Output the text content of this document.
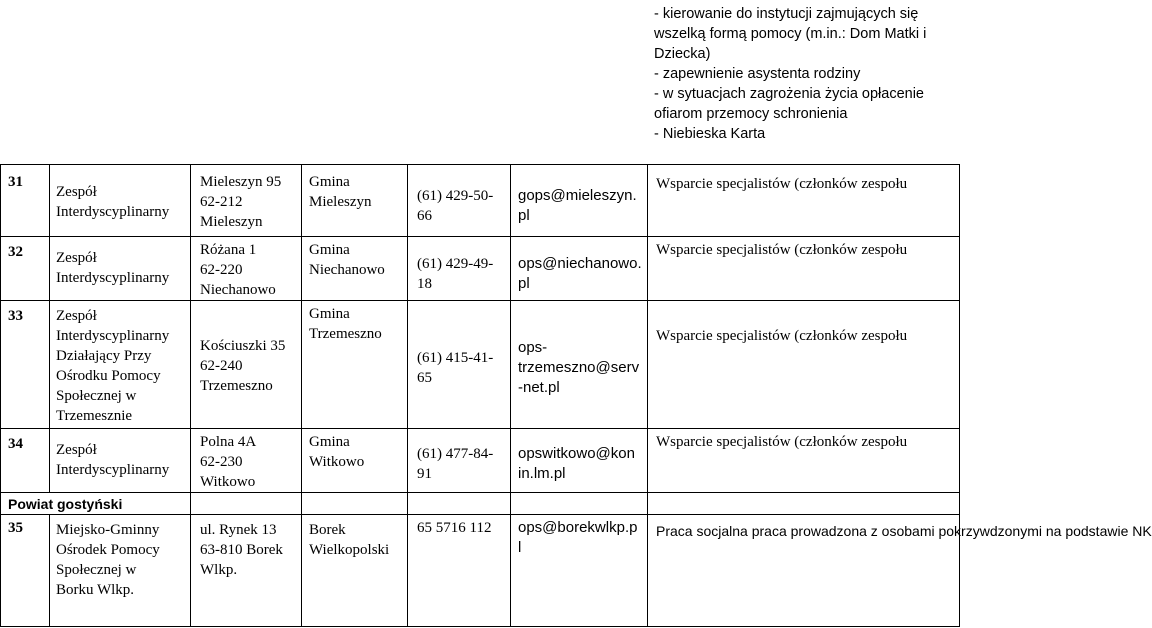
- kierowanie do instytucji zajmujących się
wszelką formą pomocy (m.in.: Dom Matki i
Dziecka)
- zapewnienie asystenta rodziny
- w sytuacjach zagrożenia życia opłacenie
ofiarom przemocy schronienia
- Niebieska Karta
31
Zespół
Interdyscyplinarny
Mieleszyn 95
62-212
Mieleszyn
Gmina
Mieleszyn	(61) 429-50-
66
gops@mieleszyn.
pl
Wsparcie specjalistów (członków zespołu
32 Zespół
Interdyscyplinarny
Różana 1
62-220
Niechanowo
Gmina
Niechanowo (61) 429-49-
18
ops@niechanowo.
pl
Wsparcie specjalistów (członków zespołu
33 Zespół
Interdyscyplinarny
Działający Przy
Ośrodku Pomocy
Społecznej w
Trzemesznie
Kościuszki 35
62-240
Trzemeszno
Gmina
Trzemeszno
(61) 415-41-
65
ops-
trzemeszno@serv
-net.pl
Wsparcie specjalistów (członków zespołu
34 Zespół
Interdyscyplinarny
Polna 4A
62-230
Witkowo
Gmina
Witkowo	(61) 477-84-
91
opswitkowo@kon
in.lm.pl
Wsparcie specjalistów (członków zespołu
Powiat gostyński
35 Miejsko-Gminny
Ośrodek Pomocy
Społecznej w
Borku Wlkp.
ul. Rynek 13
63-810 Borek
Wlkp.
Borek
Wielkopolski
65 5716 112 ops@borekwlkp.p
l
Praca socjalna praca prowadzona z osobami pokrzywdzonymi na podstawie NK
